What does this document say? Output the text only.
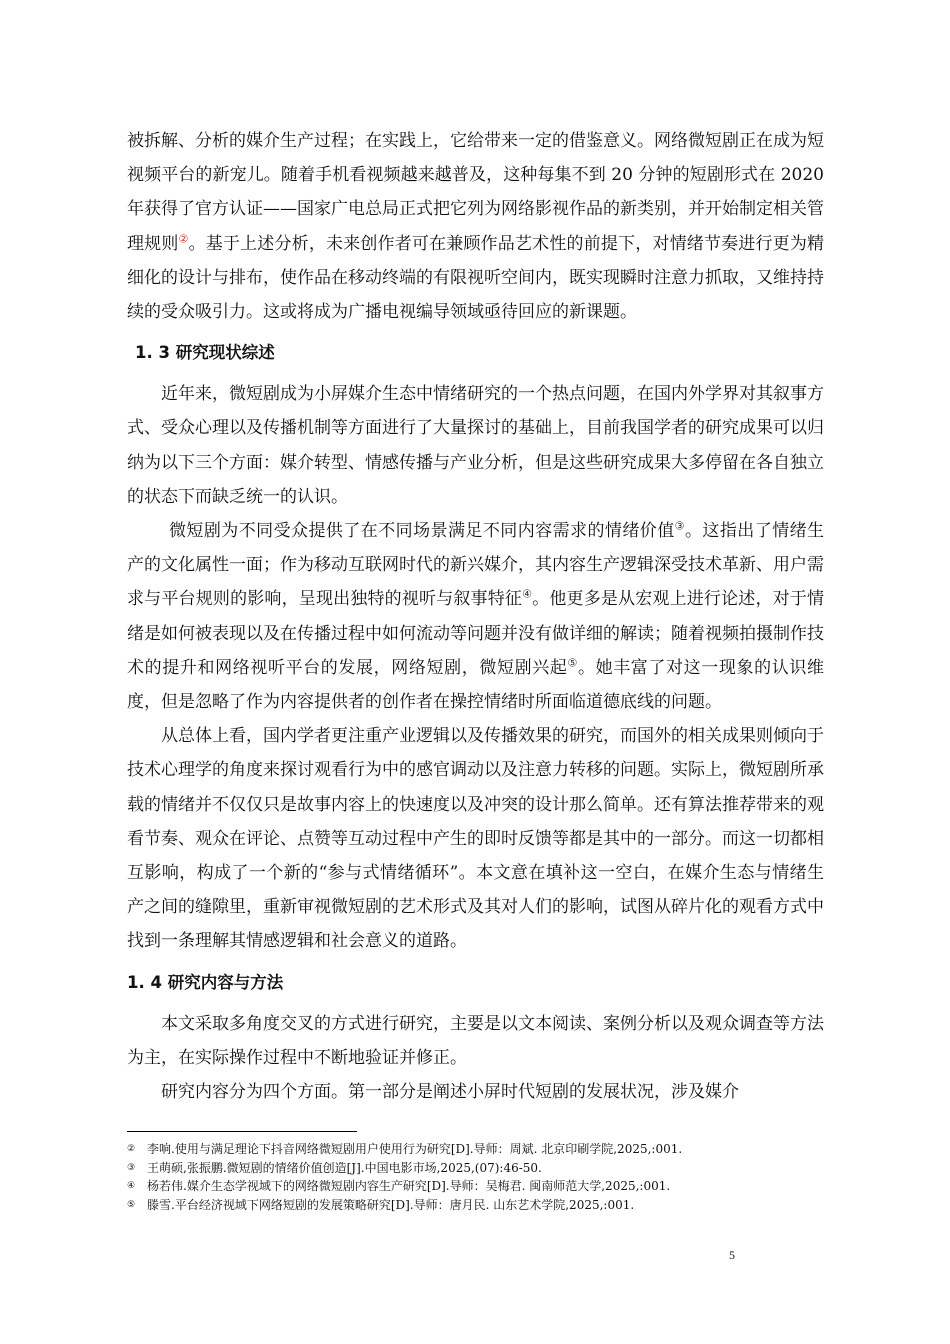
被拆解、分析的媒介生产过程；在实践上，它给带来一定的借鉴意义。网络微短剧正在成为短视频平台的新宠儿。随着手机看视频越来越普及，这种每集不到 20 分钟的短剧形式在 2020 年获得了官方认证——国家广电总局正式把它列为网络影视作品的新类别，并开始制定相关管理规则②。基于上述分析，未来创作者可在兼顾作品艺术性的前提下，对情绪节奏进行更为精细化的设计与排布，使作品在移动终端的有限视听空间内，既实现瞬时注意力抓取，又维持持续的受众吸引力。这或将成为广播电视编导领域亟待回应的新课题。

1. 3 研究现状综述

近年来，微短剧成为小屏媒介生态中情绪研究的一个热点问题，在国内外学界对其叙事方式、受众心理以及传播机制等方面进行了大量探讨的基础上，目前我国学者的研究成果可以归纳为以下三个方面：媒介转型、情感传播与产业分析，但是这些研究成果大多停留在各自独立的状态下而缺乏统一的认识。

微短剧为不同受众提供了在不同场景满足不同内容需求的情绪价值③。这指出了情绪生产的文化属性一面；作为移动互联网时代的新兴媒介，其内容生产逻辑深受技术革新、用户需求与平台规则的影响，呈现出独特的视听与叙事特征④。他更多是从宏观上进行论述，对于情绪是如何被表现以及在传播过程中如何流动等问题并没有做详细的解读；随着视频拍摄制作技术的提升和网络视听平台的发展，网络短剧，微短剧兴起⑤。她丰富了对这一现象的认识维度，但是忽略了作为内容提供者的创作者在操控情绪时所面临道德底线的问题。

从总体上看，国内学者更注重产业逻辑以及传播效果的研究，而国外的相关成果则倾向于技术心理学的角度来探讨观看行为中的感官调动以及注意力转移的问题。实际上，微短剧所承载的情绪并不仅仅只是故事内容上的快速度以及冲突的设计那么简单。还有算法推荐带来的观看节奏、观众在评论、点赞等互动过程中产生的即时反馈等都是其中的一部分。而这一切都相互影响，构成了一个新的“参与式情绪循环”。本文意在填补这一空白，在媒介生态与情绪生产之间的缝隙里，重新审视微短剧的艺术形式及其对人们的影响，试图从碎片化的观看方式中找到一条理解其情感逻辑和社会意义的道路。

1. 4 研究内容与方法

本文采取多角度交叉的方式进行研究，主要是以文本阅读、案例分析以及观众调查等方法为主，在实际操作过程中不断地验证并修正。

研究内容分为四个方面。第一部分是阐述小屏时代短剧的发展状况，涉及媒介

② 李响.使用与满足理论下抖音网络微短剧用户使用行为研究[D].导师：周斌. 北京印刷学院,2025,:001.

③ 王萌硕,张振鹏.微短剧的情绪价值创造[J].中国电影市场,2025,(07):46-50.

④ 杨若伟.媒介生态学视域下的网络微短剧内容生产研究[D].导师：吴梅君. 闽南师范大学,2025,:001.

⑤ 滕雪.平台经济视域下网络短剧的发展策略研究[D].导师：唐月民. 山东艺术学院,2025,:001.

5
